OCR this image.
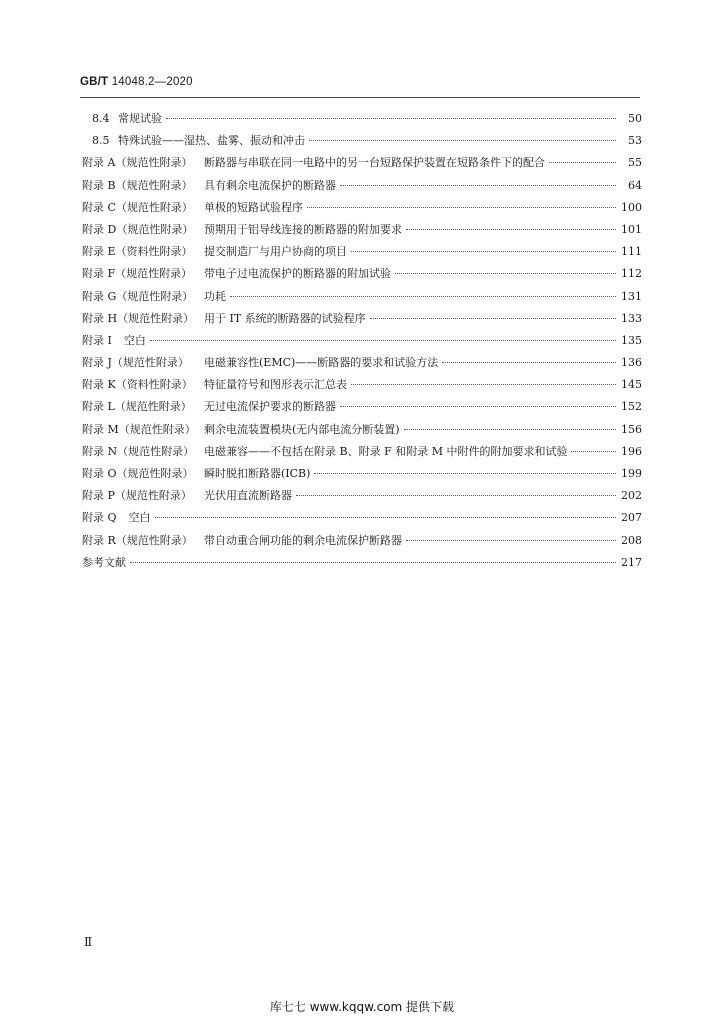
GB/T 14048.2—2020
8.4 常规试验	50
8.5 特殊试验——湿热、盐雾、振动和冲击	53
附录 A（规范性附录）	断路器与串联在同一电路中的另一台短路保护装置在短路条件下的配合	55
附录 B（规范性附录）	具有剩余电流保护的断路器	64
附录 C（规范性附录）	单极的短路试验程序	100
附录 D（规范性附录） 预期用于铝导线连接的断路器的附加要求	101
附录 E（资料性附录）	提交制造厂与用户协商的项目	111
附录 F（规范性附录）	带电子过电流保护的断路器的附加试验	112
附录 G（规范性附录） 功耗	131
附录 H（规范性附录） 用于 IT 系统的断路器的试验程序	133
附录 I 空白	135
附录 J（规范性附录）	电磁兼容性(EMC)——断路器的要求和试验方法	136
附录 K（资料性附录）	特征量符号和图形表示汇总表	145
附录 L（规范性附录）	无过电流保护要求的断路器	152
附录 M（规范性附录） 剩余电流装置模块(无内部电流分断装置)	156
附录 N（规范性附录） 电磁兼容——不包括在附录 B、附录 F 和附录 M 中附件的附加要求和试验	196
附录 O（规范性附录） 瞬时脱扣断路器(ICB)	199
附录 P（规范性附录）	光伏用直流断路器	202
附录 Q 空白	207
附录 R（规范性附录）	带自动重合闸功能的剩余电流保护断路器	208
参考文献	217
Ⅱ
库七七 www.kqqw.com 提供下载
